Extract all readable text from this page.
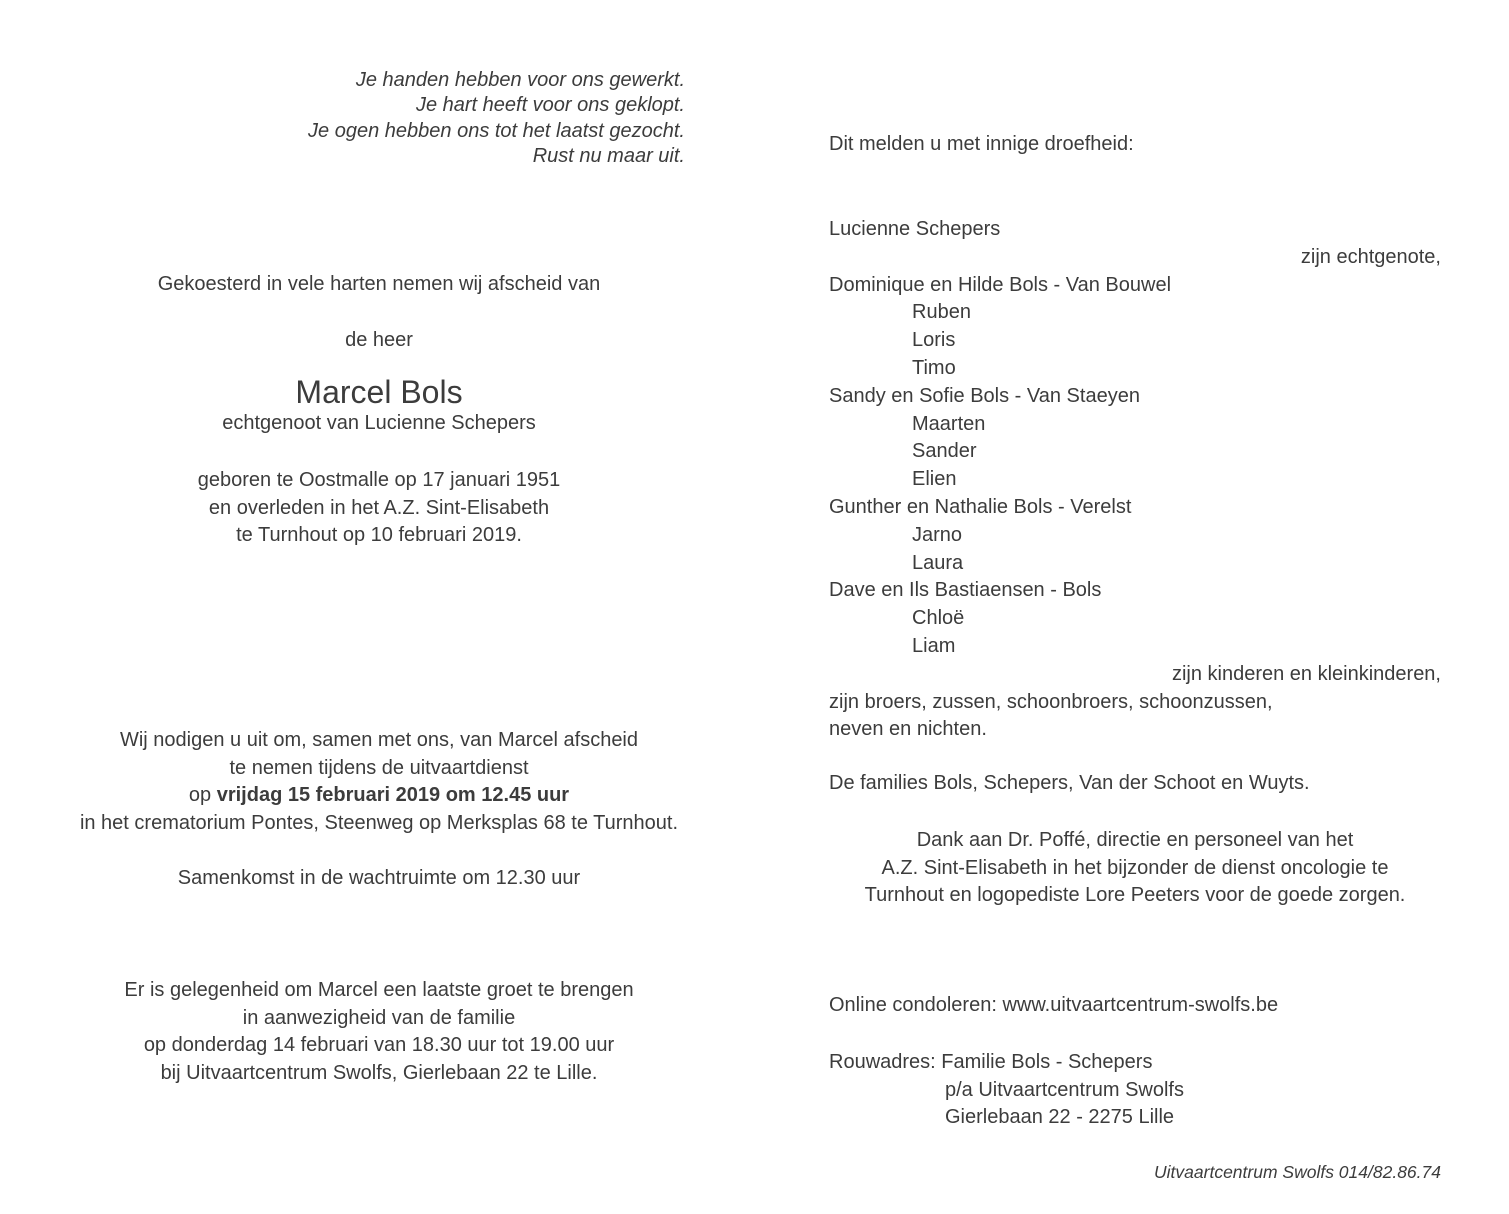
Je handen hebben voor ons gewerkt.
Je hart heeft voor ons geklopt.
Je ogen hebben ons tot het laatst gezocht.
Rust nu maar uit.
Gekoesterd in vele harten nemen wij afscheid van
de heer
Marcel Bols
echtgenoot van Lucienne Schepers
geboren te Oostmalle op 17 januari 1951
en overleden in het A.Z. Sint-Elisabeth
te Turnhout op 10 februari 2019.
Wij nodigen u uit om, samen met ons, van Marcel afscheid
te nemen tijdens de uitvaartdienst
op vrijdag 15 februari 2019 om 12.45 uur
in het crematorium Pontes, Steenweg op Merksplas 68 te Turnhout.
Samenkomst in de wachtruimte om 12.30 uur
Er is gelegenheid om Marcel een laatste groet te brengen
in aanwezigheid van de familie
op donderdag 14 februari van 18.30 uur tot 19.00 uur
bij Uitvaartcentrum Swolfs, Gierlebaan 22 te Lille.
Dit melden u met innige droefheid:
Lucienne Schepers
zijn echtgenote,
Dominique en Hilde Bols - Van Bouwel
Ruben
Loris
Timo
Sandy en Sofie Bols - Van Staeyen
Maarten
Sander
Elien
Gunther en Nathalie Bols - Verelst
Jarno
Laura
Dave en Ils Bastiaensen - Bols
Chloë
Liam
zijn kinderen en kleinkinderen,
zijn broers, zussen, schoonbroers, schoonzussen,
neven en nichten.
De families Bols, Schepers, Van der Schoot en Wuyts.
Dank aan Dr. Poffé, directie en personeel van het
A.Z. Sint-Elisabeth in het bijzonder de dienst oncologie te
Turnhout en logopediste Lore Peeters voor de goede zorgen.
Online condoleren: www.uitvaartcentrum-swolfs.be
Rouwadres: Familie Bols - Schepers
p/a Uitvaartcentrum Swolfs
Gierlebaan 22 - 2275 Lille
Uitvaartcentrum Swolfs 014/82.86.74
